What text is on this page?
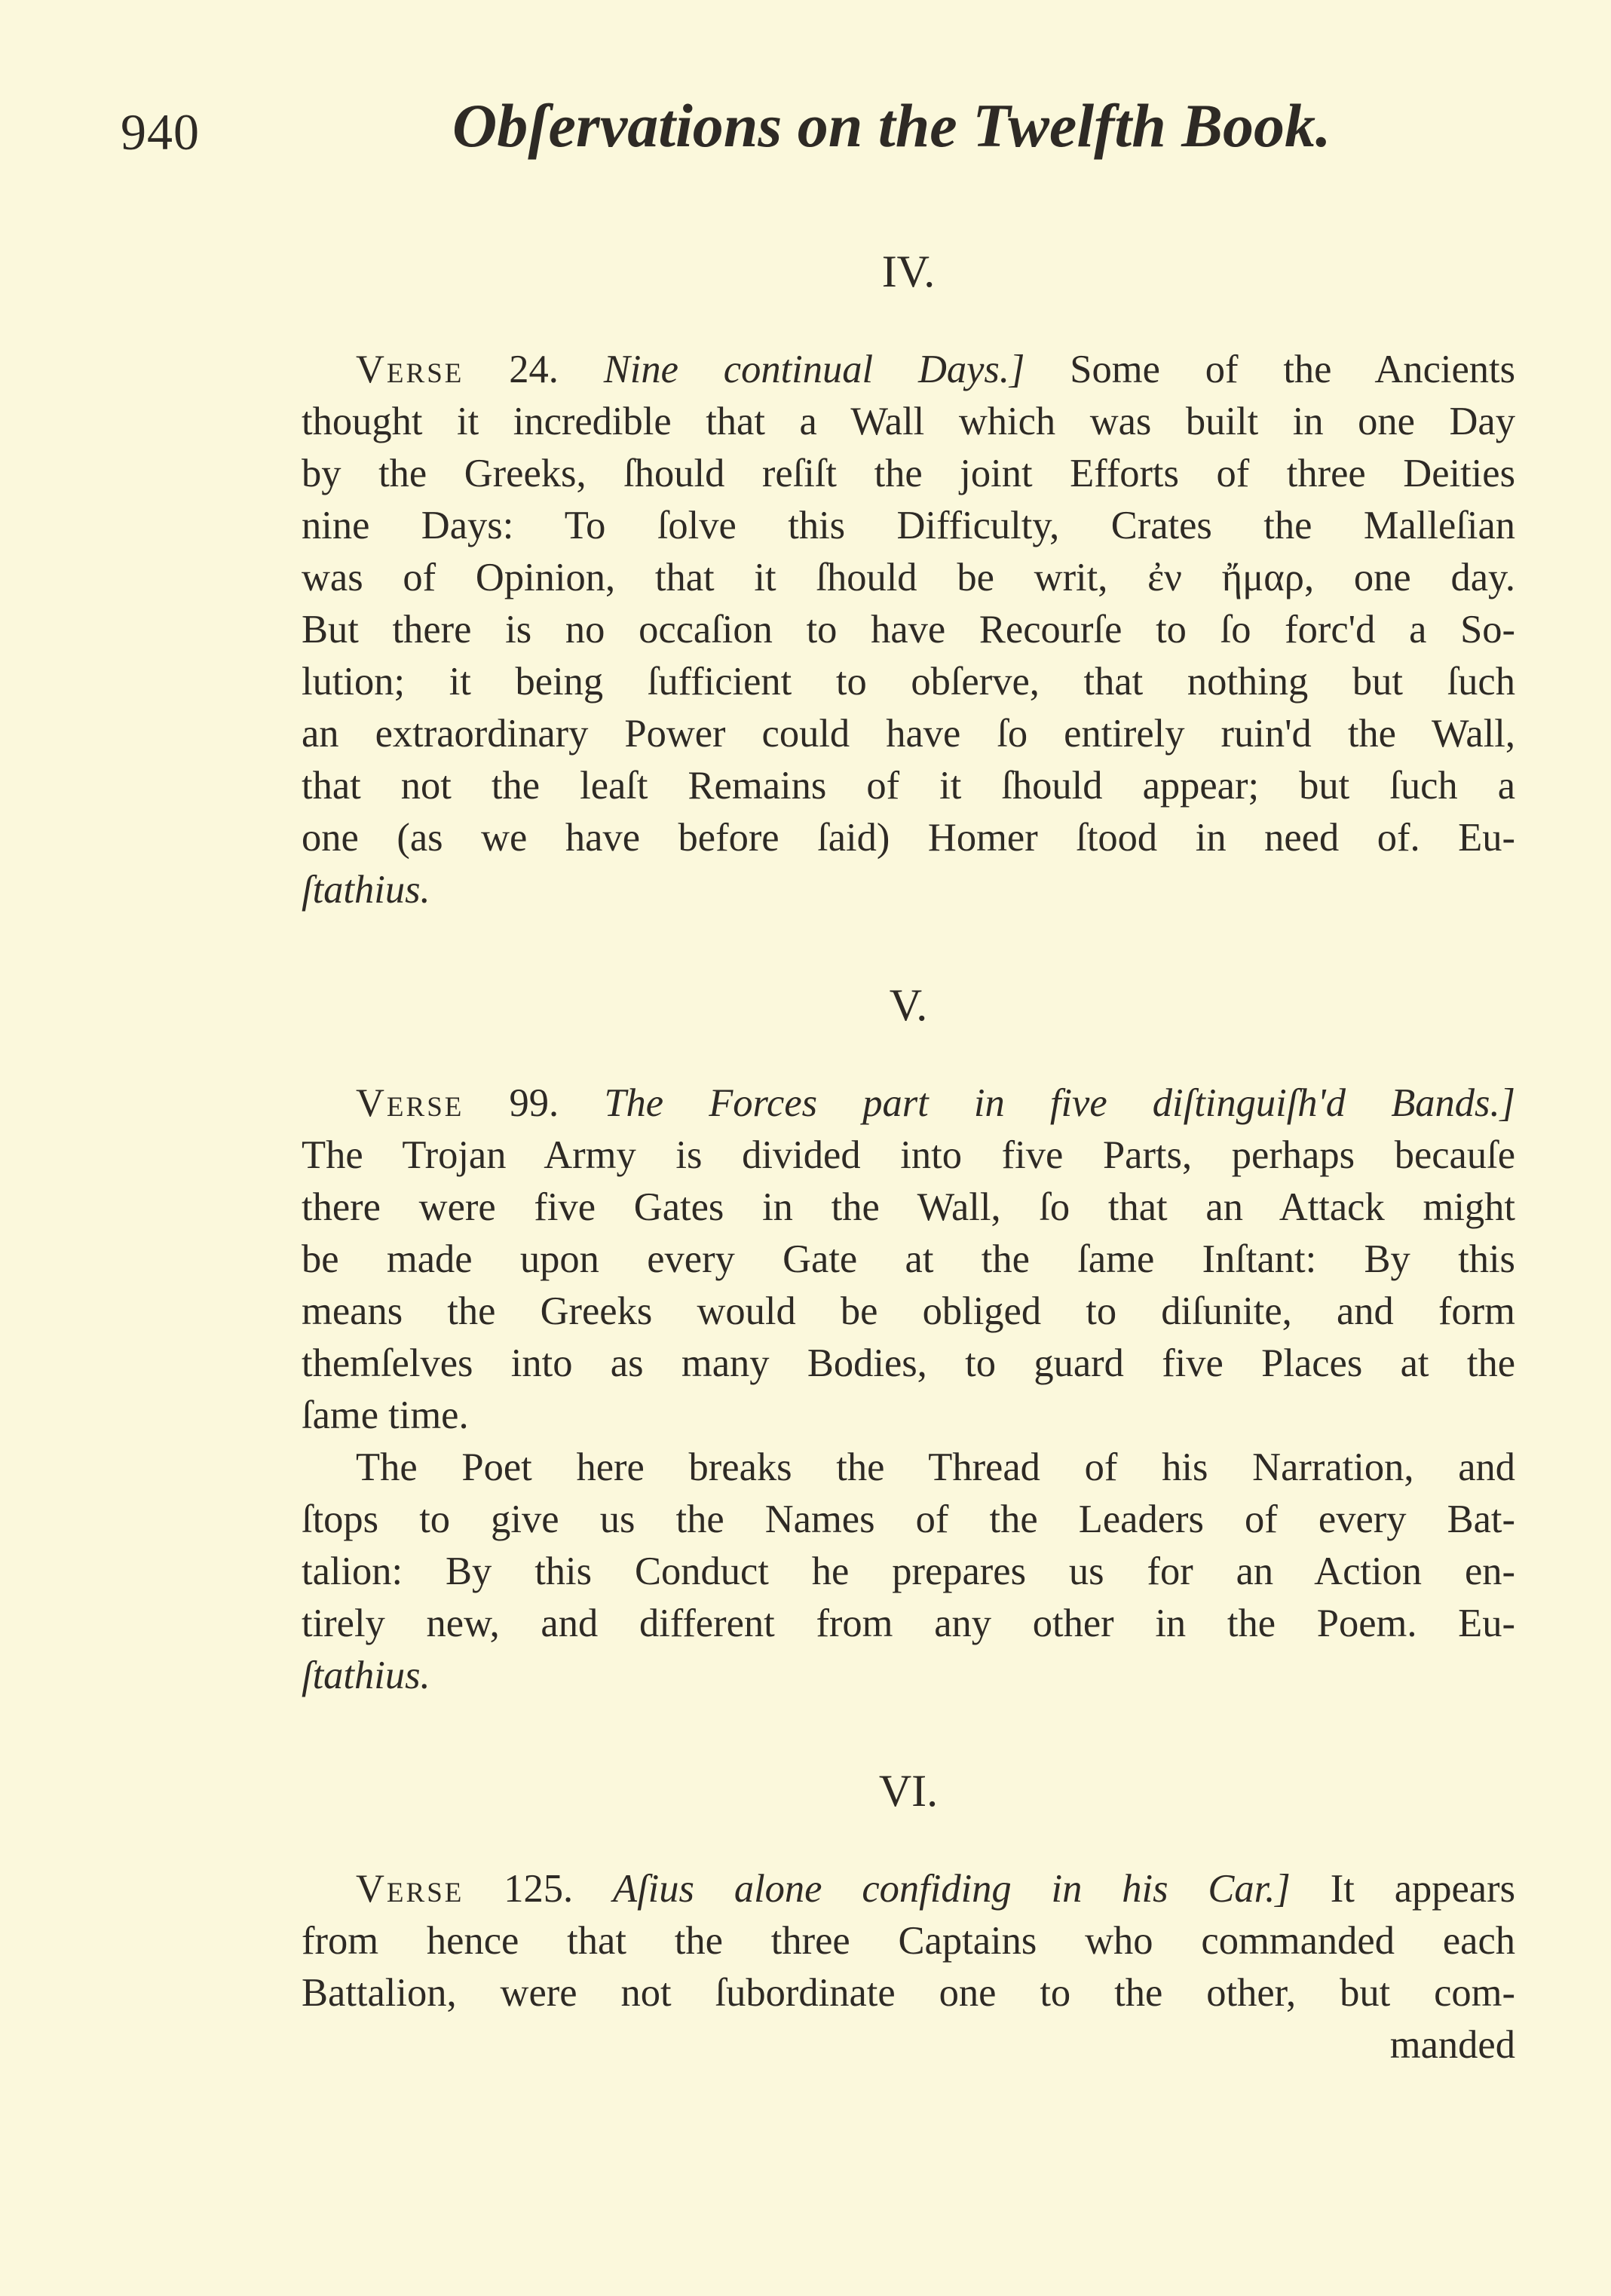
940	Obſervations on the Twelfth Book.

IV.

Verse 24. Nine continual Days.] Some of the Ancients

thought it incredible that a Wall which was built in one Day

by the Greeks, ſhould reſiſt the joint Efforts of three Deities

nine Days: To ſolve this Difficulty, Crates the Malleſian

was of Opinion, that it ſhould be writ, ἐν ἤμαρ, one day.

But there is no occaſion to have Recourſe to ſo forc'd a So-

lution; it being ſufficient to obſerve, that nothing but ſuch

an extraordinary Power could have ſo entirely ruin'd the Wall,

that not the leaſt Remains of it ſhould appear; but ſuch a

one (as we have before ſaid) Homer ſtood in need of. Eu-

ſtathius.

V.

Verse 99. The Forces part in five diſtinguiſh'd Bands.]

The Trojan Army is divided into five Parts, perhaps becauſe

there were five Gates in the Wall, ſo that an Attack might

be made upon every Gate at the ſame Inſtant: By this

means the Greeks would be obliged to diſunite, and form

themſelves into as many Bodies, to guard five Places at the

ſame time.

The Poet here breaks the Thread of his Narration, and

ſtops to give us the Names of the Leaders of every Bat-

talion: By this Conduct he prepares us for an Action en-

tirely new, and different from any other in the Poem. Eu-

ſtathius.

VI.

Verse 125. Aſius alone confiding in his Car.] It appears

from hence that the three Captains who commanded each

Battalion, were not ſubordinate one to the other, but com-

manded
